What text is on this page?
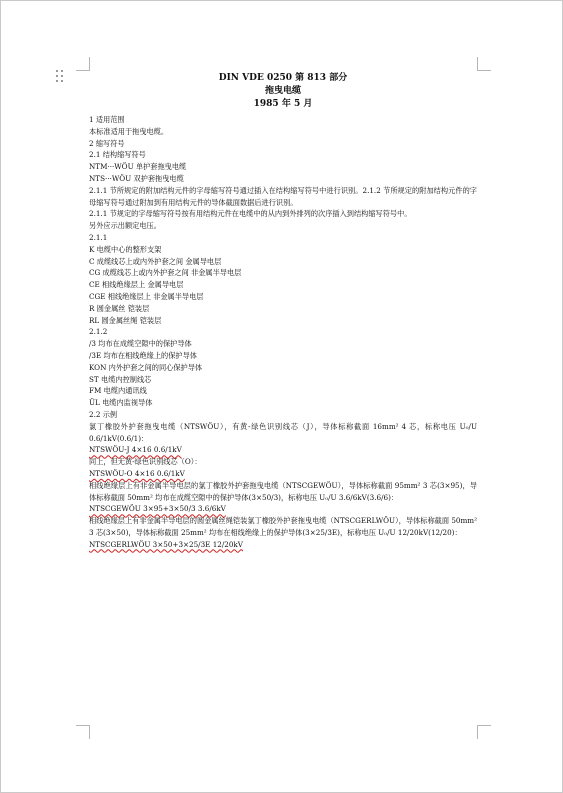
DIN VDE 0250 第 813 部分
拖曳电缆
1985 年 5 月
1 适用范围
本标准适用于拖曳电缆。
2 缩写符号
2.1 结构缩写符号
NTM···WÖU 单护套拖曳电缆
NTS···WÖU 双护套拖曳电缆
2.1.1 节所规定的附加结构元件的字母缩写符号通过插入在结构缩写符号中进行识别。2.1.2 节所规定的附加结构元件的字母缩写符号通过附加到有用结构元件的导体截面数据后进行识别。
2.1.1 节规定的字母缩写符号按有用结构元件在电缆中的从内到外排列的次序插入到结构缩写符号中。
另外应示出额定电压。
2.1.1
K 电缆中心的整形支架
C 成缆线芯上或内外护套之间 金属导电层
CG 成缆线芯上或内外护套之间 非金属半导电层
CE 相线绝缘层上 金属导电层
CGE 相线绝缘层上 非金属半导电层
R 圆金属丝 铠装层
RL 圆金属丝绳 铠装层
2.1.2
/3 均布在成缆空隙中的保护导体
/3E 均布在相线绝缘上的保护导体
KON 内外护套之间的同心保护导体
ST 电缆内控制线芯
FM 电缆内通讯线
ÜL 电缆内监视导体
2.2 示例
氯丁橡胶外护套拖曳电缆（NTSWÖU），有黄-绿色识别线芯（J），导体标称截面 16mm² 4 芯，标称电压 U₀/U 0.6/1kV(0.6/1)：
NTSWÖU-J 4×16 0.6/1kV
同上，但无黄-绿色识别线芯（O）：
NTSWÖU-O 4×16 0.6/1kV
相线绝缘层上有非金属半导电层的氯丁橡胶外护套拖曳电缆（NTSCGEWÖU），导体标称截面 95mm² 3 芯(3×95)，导体标称截面 50mm² 均布在成缆空隙中的保护导体(3×50/3)，标称电压 U₀/U 3.6/6kV(3.6/6)：
NTSCGEWÖU 3×95+3×50/3 3.6/6kV
相线绝缘层上有非金属半导电层的圆金属丝绳铠装氯丁橡胶外护套拖曳电缆（NTSCGERLWÖU），导体标称截面 50mm² 3 芯(3×50)，导体标称截面 25mm² 均布在相线绝缘上的保护导体(3×25/3E)，标称电压 U₀/U 12/20kV(12/20)：
NTSCGERLWÖU 3×50+3×25/3E 12/20kV
